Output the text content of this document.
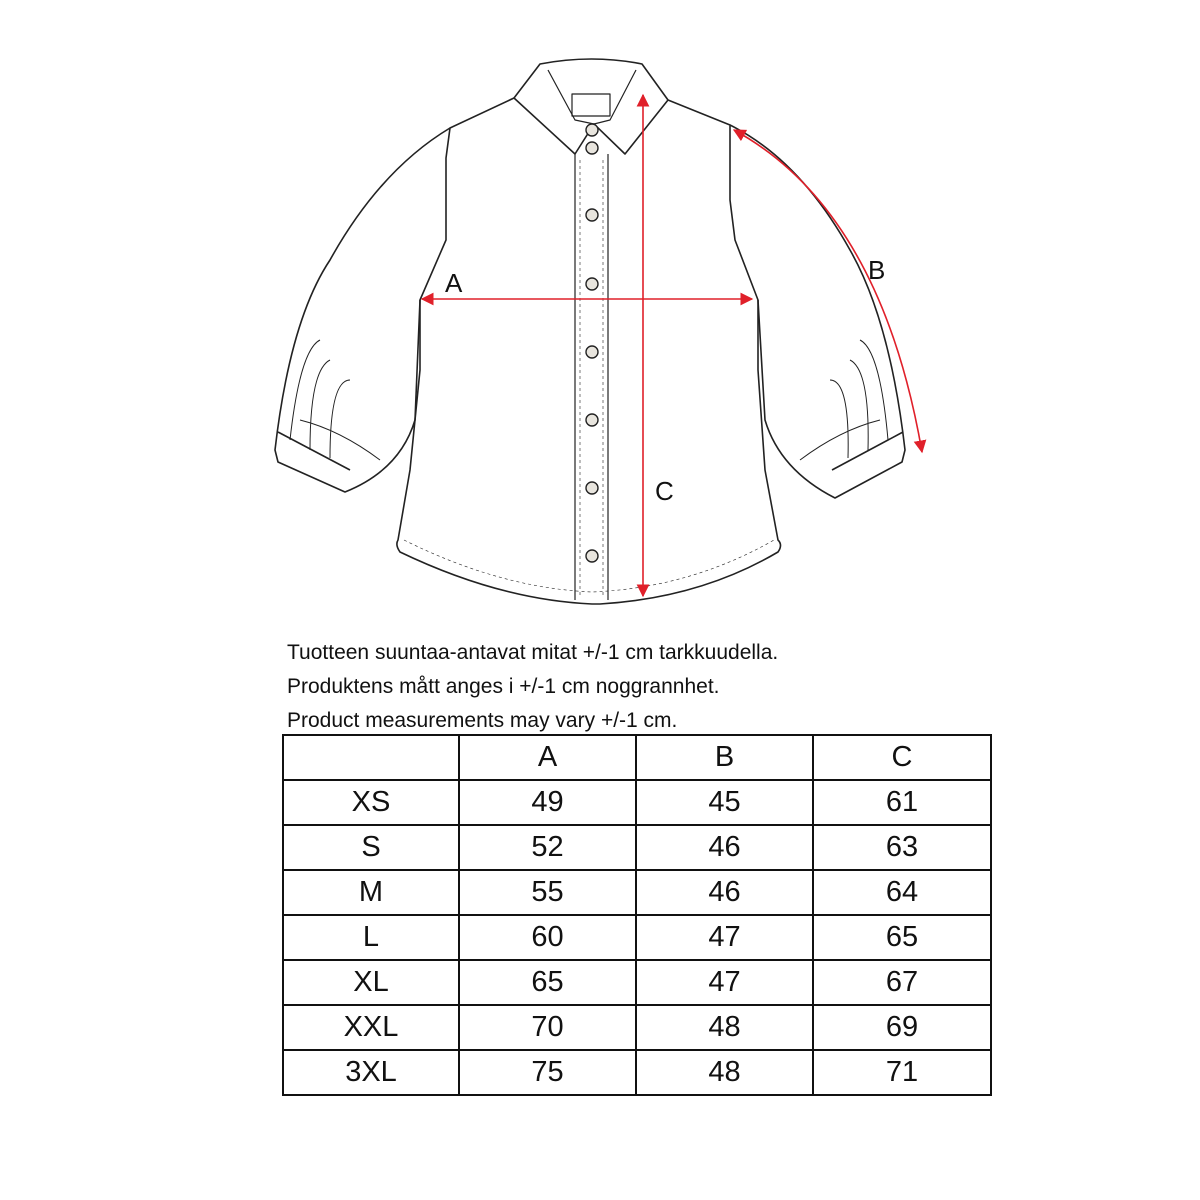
A	B
C
Tuotteen suuntaa-antavat mitat +/-1 cm tarkkuudella.
Produktens mått anges i +/-1 cm noggrannhet.
Product measurements may vary +/-1 cm.
	A	B	C
XS	49	45	61
S	52	46	63
M	55	46	64
L	60	47	65
XL	65	47	67
XXL	70	48	69
3XL	75	48	71
